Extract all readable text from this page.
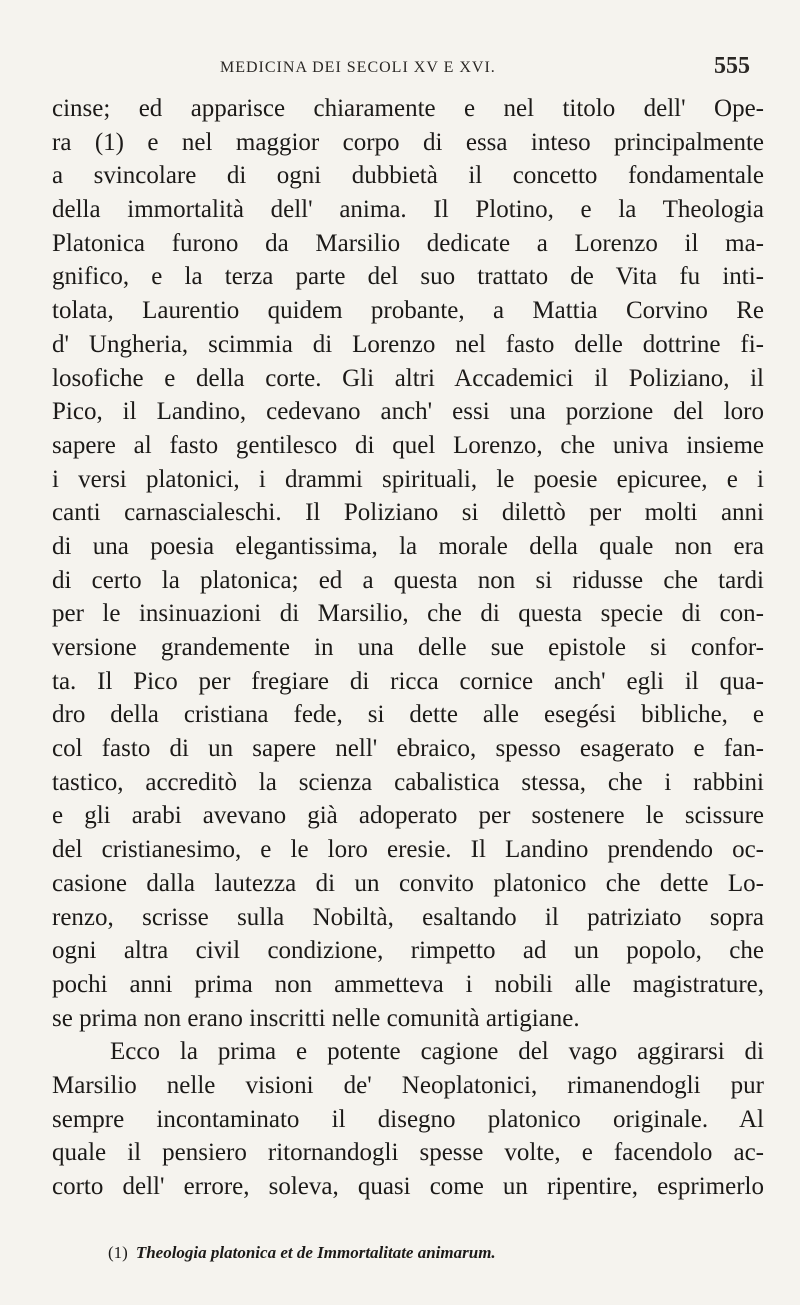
MEDICINA DEI SECOLI XV E XVI.	555
cinse; ed apparisce chiaramente e nel titolo dell' Ope-
ra (1) e nel maggior corpo di essa inteso principalmente
a svincolare di ogni dubbietà il concetto fondamentale
della immortalità dell' anima. Il Plotino, e la Theologia
Platonica furono da Marsilio dedicate a Lorenzo il ma-
gnifico, e la terza parte del suo trattato de Vita fu inti-
tolata, Laurentio quidem probante, a Mattia Corvino Re
d' Ungheria, scimmia di Lorenzo nel fasto delle dottrine fi-
losofiche e della corte. Gli altri Accademici il Poliziano, il
Pico, il Landino, cedevano anch' essi una porzione del loro
sapere al fasto gentilesco di quel Lorenzo, che univa insieme
i versi platonici, i drammi spirituali, le poesie epicuree, e i
canti carnascialeschi. Il Poliziano si dilettò per molti anni
di una poesia elegantissima, la morale della quale non era
di certo la platonica; ed a questa non si ridusse che tardi
per le insinuazioni di Marsilio, che di questa specie di con-
versione grandemente in una delle sue epistole si confor-
ta. Il Pico per fregiare di ricca cornice anch' egli il qua-
dro della cristiana fede, si dette alle esegési bibliche, e
col fasto di un sapere nell' ebraico, spesso esagerato e fan-
tastico, accreditò la scienza cabalistica stessa, che i rabbini
e gli arabi avevano già adoperato per sostenere le scissure
del cristianesimo, e le loro eresie. Il Landino prendendo oc-
casione dalla lautezza di un convito platonico che dette Lo-
renzo, scrisse sulla Nobiltà, esaltando il patriziato sopra
ogni altra civil condizione, rimpetto ad un popolo, che
pochi anni prima non ammetteva i nobili alle magistrature,
se prima non erano inscritti nelle comunità artigiane.
Ecco la prima e potente cagione del vago aggirarsi di
Marsilio nelle visioni de' Neoplatonici, rimanendogli pur
sempre incontaminato il disegno platonico originale. Al
quale il pensiero ritornandogli spesse volte, e facendolo ac-
corto dell' errore, soleva, quasi come un ripentire, esprimerlo
(1) Theologia platonica et de Immortalitate animarum.
